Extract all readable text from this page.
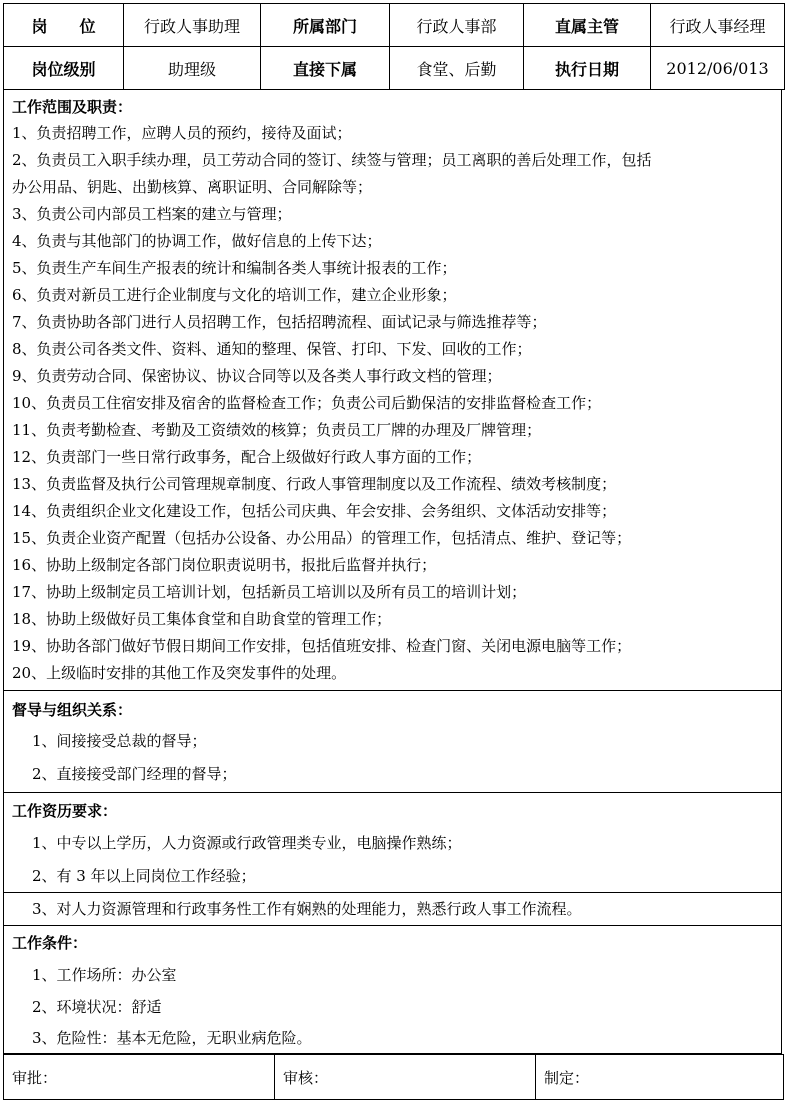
岗　　位	行政人事助理	所属部门	行政人事部	直属主管	行政人事经理
岗位级别	助理级	直接下属	食堂、后勤	执行日期	2012/06/013
工作范围及职责：
1、负责招聘工作，应聘人员的预约，接待及面试；
2、负责员工入职手续办理，员工劳动合同的签订、续签与管理；员工离职的善后处理工作，包括
办公用品、钥匙、出勤核算、离职证明、合同解除等；
3、负责公司内部员工档案的建立与管理；
4、负责与其他部门的协调工作，做好信息的上传下达；
5、负责生产车间生产报表的统计和编制各类人事统计报表的工作；
6、负责对新员工进行企业制度与文化的培训工作，建立企业形象；
7、负责协助各部门进行人员招聘工作，包括招聘流程、面试记录与筛选推荐等；
8、负责公司各类文件、资料、通知的整理、保管、打印、下发、回收的工作；
9、负责劳动合同、保密协议、协议合同等以及各类人事行政文档的管理；
10、负责员工住宿安排及宿舍的监督检查工作；负责公司后勤保洁的安排监督检查工作；
11、负责考勤检查、考勤及工资绩效的核算；负责员工厂牌的办理及厂牌管理；
12、负责部门一些日常行政事务，配合上级做好行政人事方面的工作；
13、负责监督及执行公司管理规章制度、行政人事管理制度以及工作流程、绩效考核制度；
14、负责组织企业文化建设工作，包括公司庆典、年会安排、会务组织、文体活动安排等；
15、负责企业资产配置（包括办公设备、办公用品）的管理工作，包括清点、维护、登记等；
16、协助上级制定各部门岗位职责说明书，报批后监督并执行；
17、协助上级制定员工培训计划，包括新员工培训以及所有员工的培训计划；
18、协助上级做好员工集体食堂和自助食堂的管理工作；
19、协助各部门做好节假日期间工作安排，包括值班安排、检查门窗、关闭电源电脑等工作；
20、上级临时安排的其他工作及突发事件的处理。
督导与组织关系：
1、间接接受总裁的督导；
2、直接接受部门经理的督导；
工作资历要求：
1、中专以上学历，人力资源或行政管理类专业，电脑操作熟练；
2、有 3 年以上同岗位工作经验；
3、对人力资源管理和行政事务性工作有娴熟的处理能力，熟悉行政人事工作流程。
工作条件：
1、工作场所：办公室
2、环境状况：舒适
3、危险性：基本无危险，无职业病危险。
审批：	审核：	制定：
